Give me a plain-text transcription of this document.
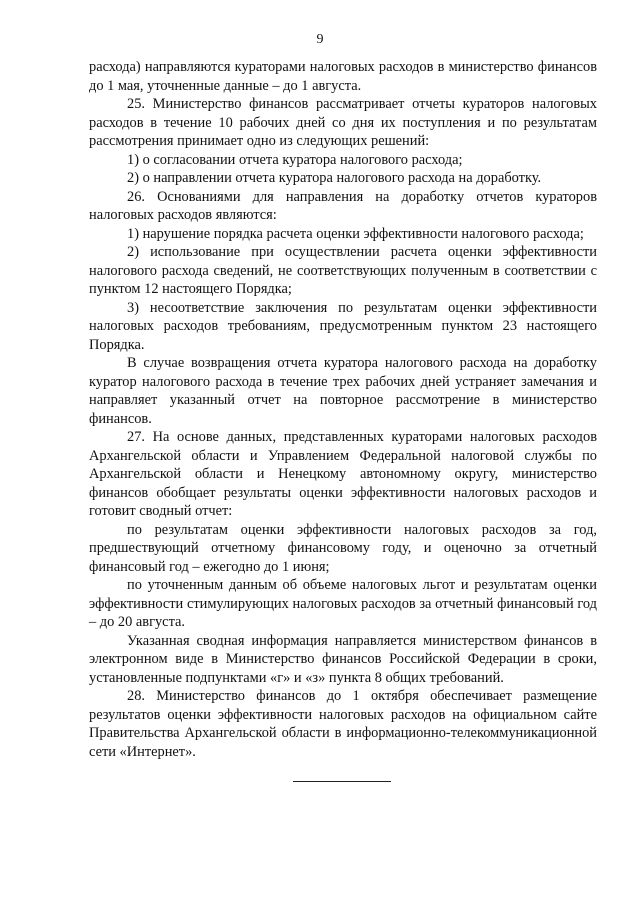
9

расхода) направляются кураторами налоговых расходов в министерство финансов до 1 мая, уточненные данные – до 1 августа.

25. Министерство финансов рассматривает отчеты кураторов налоговых расходов в течение 10 рабочих дней со дня их поступления и по результатам рассмотрения принимает одно из следующих решений:

1) о согласовании отчета куратора налогового расхода;

2) о направлении отчета куратора налогового расхода на доработку.

26. Основаниями для направления на доработку отчетов кураторов налоговых расходов являются:

1) нарушение порядка расчета оценки эффективности налогового расхода;

2) использование при осуществлении расчета оценки эффективности налогового расхода сведений, не соответствующих полученным в соответствии с пунктом 12 настоящего Порядка;

3) несоответствие заключения по результатам оценки эффективности налоговых расходов требованиям, предусмотренным пунктом 23 настоящего Порядка.

В случае возвращения отчета куратора налогового расхода на доработку куратор налогового расхода в течение трех рабочих дней устраняет замечания и направляет указанный отчет на повторное рассмотрение в министерство финансов.

27. На основе данных, представленных кураторами налоговых расходов Архангельской области и Управлением Федеральной налоговой службы по Архангельской области и Ненецкому автономному округу, министерство финансов обобщает результаты оценки эффективности налоговых расходов и готовит сводный отчет:

по результатам оценки эффективности налоговых расходов за год, предшествующий отчетному финансовому году, и оценочно за отчетный финансовый год – ежегодно до 1 июня;

по уточненным данным об объеме налоговых льгот и результатам оценки эффективности стимулирующих налоговых расходов за отчетный финансовый год – до 20 августа.

Указанная сводная информация направляется министерством финансов в электронном виде в Министерство финансов Российской Федерации в сроки, установленные подпунктами «г» и «з» пункта 8 общих требований.

28. Министерство финансов до 1 октября обеспечивает размещение результатов оценки эффективности налоговых расходов на официальном сайте Правительства Архангельской области в информационно-телекоммуникационной сети «Интернет».
